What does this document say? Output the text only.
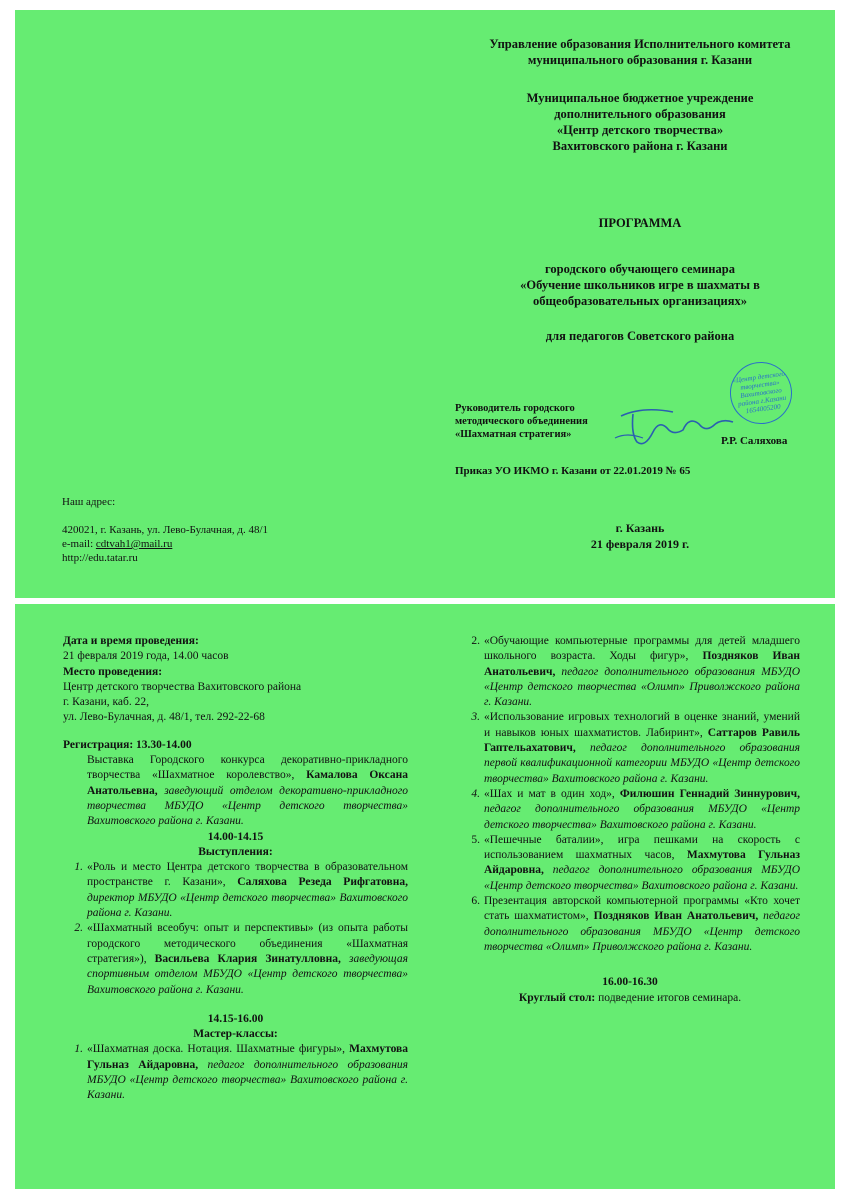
Управление образования Исполнительного комитета
муниципального образования г. Казани
Муниципальное бюджетное учреждение
дополнительного образования
«Центр детского творчества»
Вахитовского района г. Казани
ПРОГРАММА
городского обучающего семинара
«Обучение школьников игре в шахматы в
общеобразовательных организациях»
для педагогов Советского района
Руководитель городского
методического объединения
«Шахматная стратегия»
«Центр детского творчества» Вахитовского района г.Казани 1654005200
Р.Р. Саляхова
Приказ УО ИКМО г. Казани от 22.01.2019 № 65
г. Казань
21 февраля 2019 г.
Наш адрес:
420021, г. Казань, ул. Лево-Булачная, д. 48/1
e-mail: cdtvah1@mail.ru
http://edu.tatar.ru
Дата и время проведения:
21 февраля 2019 года, 14.00 часов
Место проведения:
Центр детского творчества Вахитовского района
г. Казани, каб. 22,
ул. Лево-Булачная, д. 48/1, тел. 292-22-68
Регистрация: 13.30-14.00
Выставка Городского конкурса декоративно-прикладного творчества «Шахматное королевство», Камалова Оксана Анатольевна, заведующий отделом декоративно-прикладного творчества МБУДО «Центр детского творчества» Вахитовского района г. Казани.
14.00-14.15
Выступления:
1. «Роль и место Центра детского творчества в образовательном пространстве г. Казани», Саляхова Резеда Рифгатовна, директор МБУДО «Центр детского творчества» Вахитовского района г. Казани.
2. «Шахматный всеобуч: опыт и перспективы» (из опыта работы городского методического объединения «Шахматная стратегия»), Васильева Клария Зинатулловна, заведующая спортивным отделом МБУДО «Центр детского творчества» Вахитовского района г. Казани.
14.15-16.00
Мастер-классы:
1. «Шахматная доска. Нотация. Шахматные фигуры», Махмутова Гульназ Айдаровна, педагог дополнительного образования МБУДО «Центр детского творчества» Вахитовского района г. Казани.
2. «Обучающие компьютерные программы для детей младшего школьного возраста. Ходы фигур», Поздняков Иван Анатольевич, педагог дополнительного образования МБУДО «Центр детского творчества «Олимп» Приволжского района г. Казани.
3. «Использование игровых технологий в оценке знаний, умений и навыков юных шахматистов. Лабиринт», Саттаров Равиль Гаптельахатович, педагог дополнительного образования первой квалификационной категории МБУДО «Центр детского творчества» Вахитовского района г. Казани.
4. «Шах и мат в один ход», Филюшин Геннадий Зиннурович, педагог дополнительного образования МБУДО «Центр детского творчества» Вахитовского района г. Казани.
5. «Пешечные баталии», игра пешками на скорость с использованием шахматных часов, Махмутова Гульназ Айдаровна, педагог дополнительного образования МБУДО «Центр детского творчества» Вахитовского района г. Казани.
6. Презентация авторской компьютерной программы «Кто хочет стать шахматистом», Поздняков Иван Анатольевич, педагог дополнительного образования МБУДО «Центр детского творчества «Олимп» Приволжского района г. Казани.
16.00-16.30
Круглый стол: подведение итогов семинара.
